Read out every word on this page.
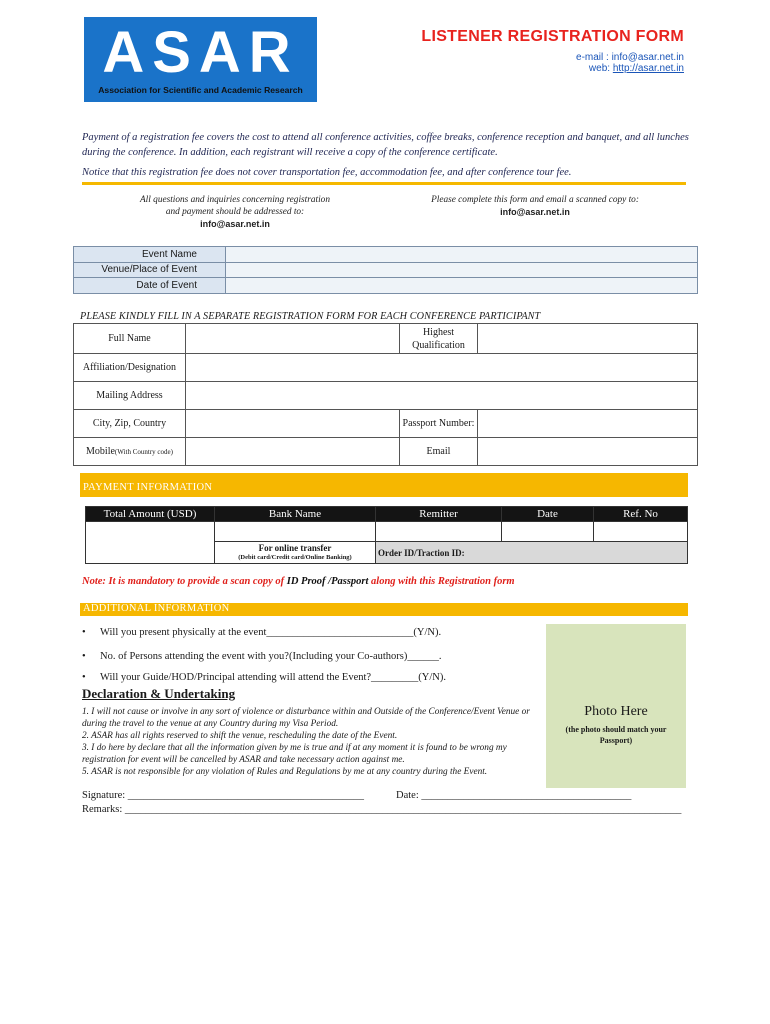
ASAR
Association for Scientific and Academic Research
LISTENER REGISTRATION FORM
e-mail : info@asar.net.in
web: http://asar.net.in
Payment of a registration fee covers the cost to attend all conference activities, coffee breaks, conference reception and banquet, and all lunches during the conference. In addition, each registrant will receive a copy of the conference certificate.
Notice that this registration fee does not cover transportation fee, accommodation fee, and after conference tour fee.
All questions and inquiries concerning registration
and payment should be addressed to:
info@asar.net.in
Please complete this form and email a scanned copy to:
info@asar.net.in
Event Name	
Venue/Place of Event	
Date of Event	
PLEASE KINDLY FILL IN A SEPARATE REGISTRATION FORM FOR EACH CONFERENCE PARTICIPANT
Full Name		Highest
Qualification	

Affiliation/Designation			
Mailing Address			
City, Zip, Country		Passport Number:	
Mobile(With Country code)		Email	
PAYMENT INFORMATION
Total Amount (USD)	Bank Name	Remitter	Date	Ref. No

	For online transfer
(Debit card/Credit card/Online Banking)	Order ID/Traction ID:		
Note: It is mandatory to provide a scan copy of ID Proof /Passport along with this Registration form
ADDITIONAL INFORMATION
• Will you present physically at the event____________________________(Y/N).
• No. of Persons attending the event with you?(Including your Co-authors)______.
• Will your Guide/HOD/Principal attending will attend the Event?_________(Y/N).
Photo Here
(the photo should match your Passport)
Declaration & Undertaking
1. I will not cause or involve in any sort of violence or disturbance within and Outside of the Conference/Event Venue or during the travel to the venue at any Country during my Visa Period.
2. ASAR has all rights reserved to shift the venue, rescheduling the date of the Event.
3. I do here by declare that all the information given by me is true and if at any moment it is found to be wrong my registration for event will be cancelled by ASAR and take necessary action against me.
5. ASAR is not responsible for any violation of Rules and Regulations by me at any country during the Event.
Signature: _____________________________________________	Date: ________________________________________
Remarks: __________________________________________________________________________________________________________
